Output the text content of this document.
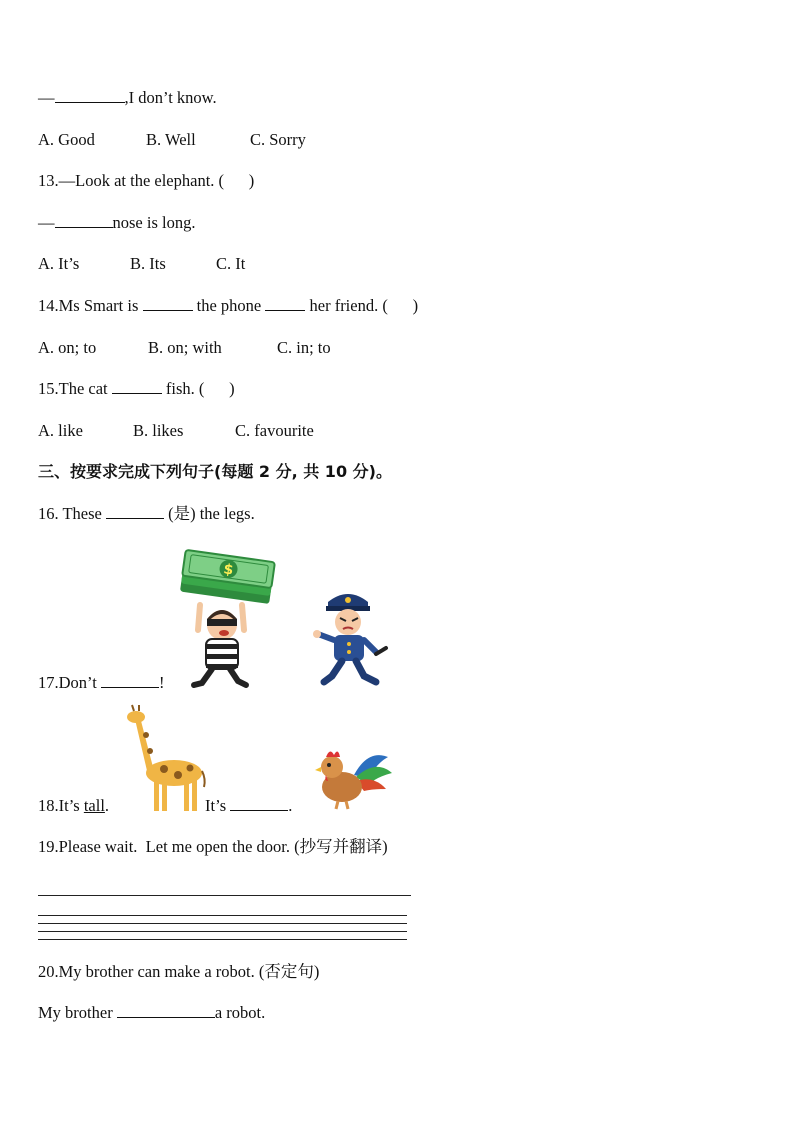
—	,I don’t know.
A. Good	B. Well	C. Sorry
13.—Look at the elephant. (      )
—	nose is long.
A. It’s	B. Its	C. It
14.Ms Smart is	the phone  her friend. (      )
A. on; to	B. on; with	C. in; to
15.The cat	fish. (      )
A. like	B. likes	C. favourite
三、按要求完成下列句子(每题 2 分, 共 10 分)。
16. These	(是) the legs.
$
17.Don’t	!
18.It’s tall.	It’s	.
19.Please wait.  Let me open the door. (抄写并翻译)
20.My brother can make a robot. (否定句)
My brother	a robot.
